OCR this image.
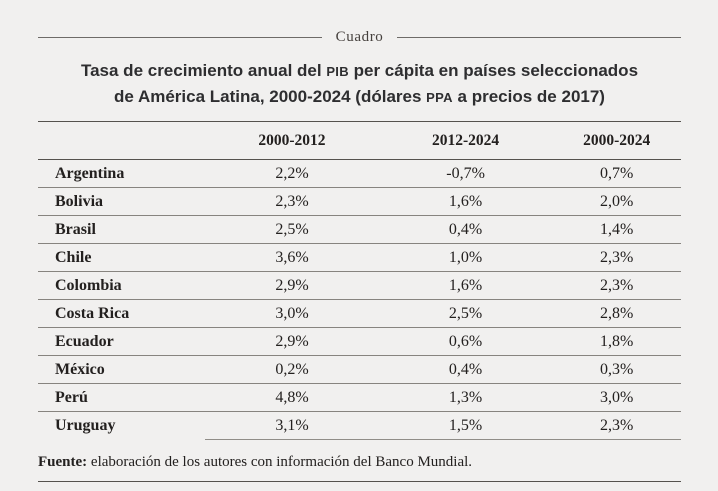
Cuadro
Tasa de crecimiento anual del PIB per cápita en países seleccionados
de América Latina, 2000-2024 (dólares PPA a precios de 2017)
	2000-2012	2012-2024	2000-2024
Argentina	2,2%	-0,7%	0,7%
Bolivia	2,3%	1,6%	2,0%
Brasil	2,5%	0,4%	1,4%
Chile	3,6%	1,0%	2,3%
Colombia	2,9%	1,6%	2,3%
Costa Rica	3,0%	2,5%	2,8%
Ecuador	2,9%	0,6%	1,8%
México	0,2%	0,4%	0,3%
Perú	4,8%	1,3%	3,0%
Uruguay	3,1%	1,5%	2,3%
Fuente: elaboración de los autores con información del Banco Mundial.
